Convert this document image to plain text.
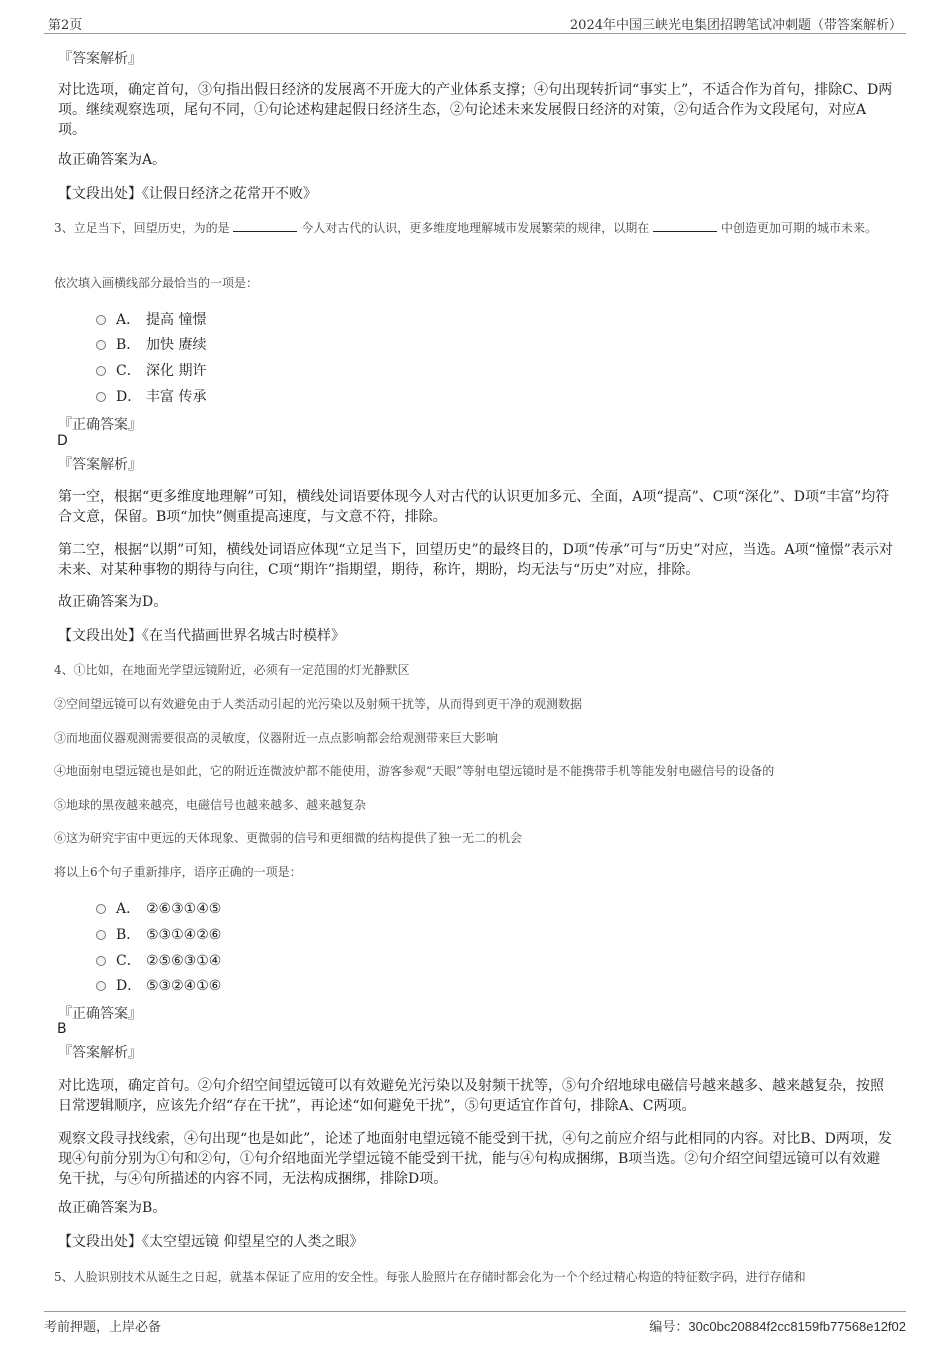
第2页	2024年中国三峡光电集团招聘笔试冲刺题（带答案解析）
『答案解析』
对比选项，确定首句，③句指出假日经济的发展离不开庞大的产业体系支撑；④句出现转折词“事实上”，不适合作为首句，排除C、D两项。继续观察选项，尾句不同，①句论述构建起假日经济生态，②句论述未来发展假日经济的对策，②句适合作为文段尾句，对应A项。
故正确答案为A。
【文段出处】《让假日经济之花常开不败》
3、立足当下，回望历史，为的是	今人对古代的认识，更多维度地理解城市发展繁荣的规律，以期在	中创造更加可期的城市未来。
依次填入画横线部分最恰当的一项是：
A． 提高 憧憬
B． 加快 赓续
C． 深化 期许
D． 丰富 传承
『正确答案』
D
『答案解析』
第一空，根据“更多维度地理解”可知，横线处词语要体现今人对古代的认识更加多元、全面，A项“提高”、C项“深化”、D项“丰富”均符合文意，保留。B项“加快”侧重提高速度，与文意不符，排除。
第二空，根据“以期”可知，横线处词语应体现“立足当下，回望历史”的最终目的，D项“传承”可与“历史”对应，当选。A项“憧憬”表示对未来、对某种事物的期待与向往，C项“期许”指期望，期待，称许，期盼，均无法与“历史”对应，排除。
故正确答案为D。
【文段出处】《在当代描画世界名城古时模样》
4、①比如，在地面光学望远镜附近，必须有一定范围的灯光静默区
②空间望远镜可以有效避免由于人类活动引起的光污染以及射频干扰等，从而得到更干净的观测数据
③而地面仪器观测需要很高的灵敏度，仪器附近一点点影响都会给观测带来巨大影响
④地面射电望远镜也是如此，它的附近连微波炉都不能使用，游客参观“天眼”等射电望远镜时是不能携带手机等能发射电磁信号的设备的
⑤地球的黑夜越来越亮，电磁信号也越来越多、越来越复杂
⑥这为研究宇宙中更远的天体现象、更微弱的信号和更细微的结构提供了独一无二的机会
将以上6个句子重新排序，语序正确的一项是：
A． ②⑥③①④⑤
B． ⑤③①④②⑥
C． ②⑤⑥③①④
D． ⑤③②④①⑥
『正确答案』
B
『答案解析』
对比选项，确定首句。②句介绍空间望远镜可以有效避免光污染以及射频干扰等，⑤句介绍地球电磁信号越来越多、越来越复杂，按照日常逻辑顺序，应该先介绍“存在干扰”，再论述“如何避免干扰”，⑤句更适宜作首句，排除A、C两项。
观察文段寻找线索，④句出现“也是如此”，论述了地面射电望远镜不能受到干扰，④句之前应介绍与此相同的内容。对比B、D两项，发现④句前分别为①句和②句，①句介绍地面光学望远镜不能受到干扰，能与④句构成捆绑，B项当选。②句介绍空间望远镜可以有效避免干扰，与④句所描述的内容不同，无法构成捆绑，排除D项。
故正确答案为B。
【文段出处】《太空望远镜 仰望星空的人类之眼》
5、人脸识别技术从诞生之日起，就基本保证了应用的安全性。每张人脸照片在存储时都会化为一个个经过精心构造的特征数字码，进行存储和
考前押题，上岸必备	编号：30c0bc20884f2cc8159fb77568e12f02
